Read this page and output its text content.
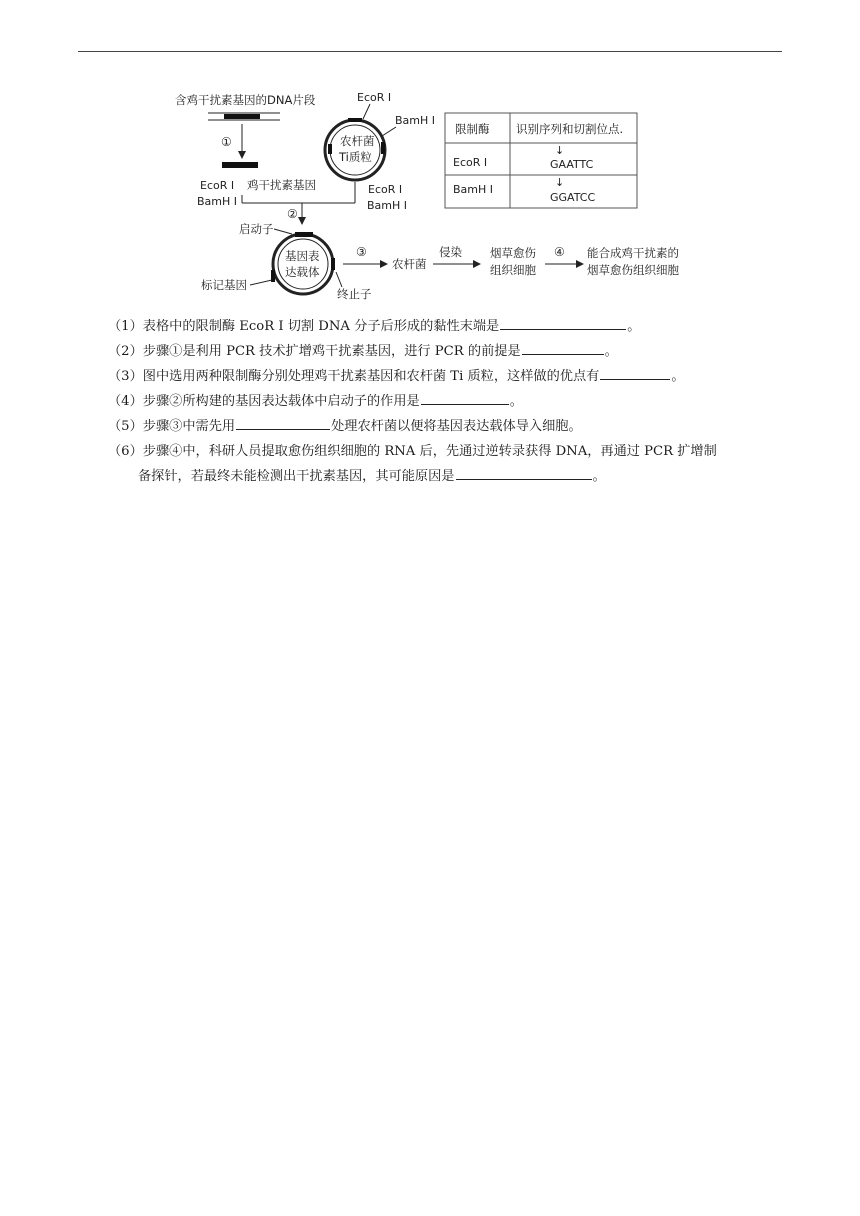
含鸡干扰素基因的DNA片段
①
EcoR I
BamH I
鸡干扰素基因
农杆菌
Ti质粒
EcoR I
BamH I
EcoR I
BamH I
②
基因表
达载体
启动子
标记基因
终止子
③
农杆菌
侵染 烟草愈伤
组织细胞
④ 能合成鸡干扰素的
烟草愈伤组织细胞
限制酶 识别序列和切割位点.
EcoR I
↓
GAATTC
BamH I
↓
GGATCC
（1） 表格中的限制酶 EcoR I 切割 DNA 分子后形成的黏性末端是	。
（2） 步骤①是利用 PCR 技术扩增鸡干扰素基因，进行 PCR 的前提是	。
（3） 图中选用两种限制酶分别处理鸡干扰素基因和农杆菌 Ti 质粒，这样做的优点有	。
（4） 步骤②所构建的基因表达载体中启动子的作用是	。
（5） 步骤③中需先用	处理农杆菌以便将基因表达载体导入细胞。
（6） 步骤④中，科研人员提取愈伤组织细胞的 RNA 后，先通过逆转录获得 DNA，再通过 PCR 扩增制
备探针，若最终未能检测出干扰素基因，其可能原因是	。
